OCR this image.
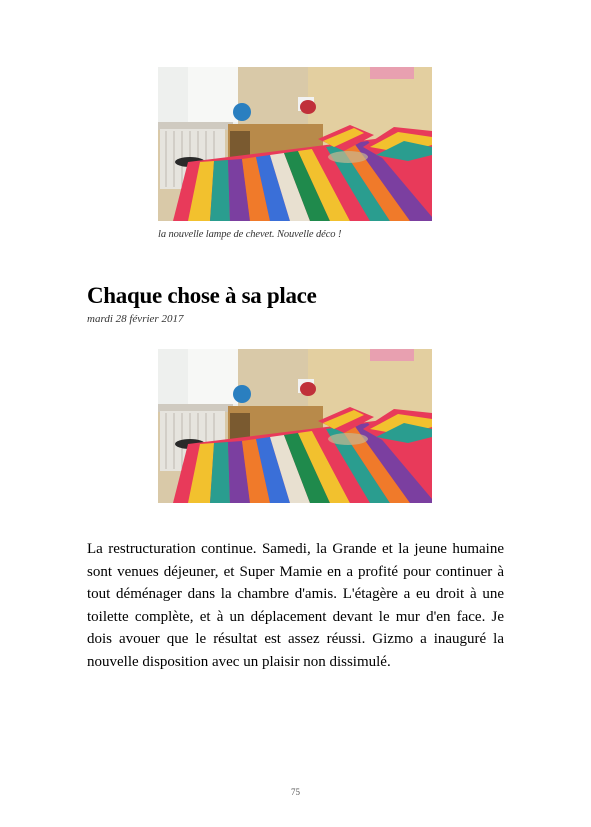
la nouvelle lampe de chevet. Nouvelle déco !
Chaque chose à sa place
mardi 28 février 2017

La restructuration continue. Samedi, la Grande et la jeune humaine sont venues déjeuner, et Super Mamie en a profité pour continuer à tout déménager dans la chambre d'amis. L'étagère a eu droit à une toilette complète, et à un déplacement devant le mur d'en face. Je dois avouer que le résultat est assez réussi. Gizmo a inauguré la nouvelle disposition avec un plaisir non dissimulé.

75
